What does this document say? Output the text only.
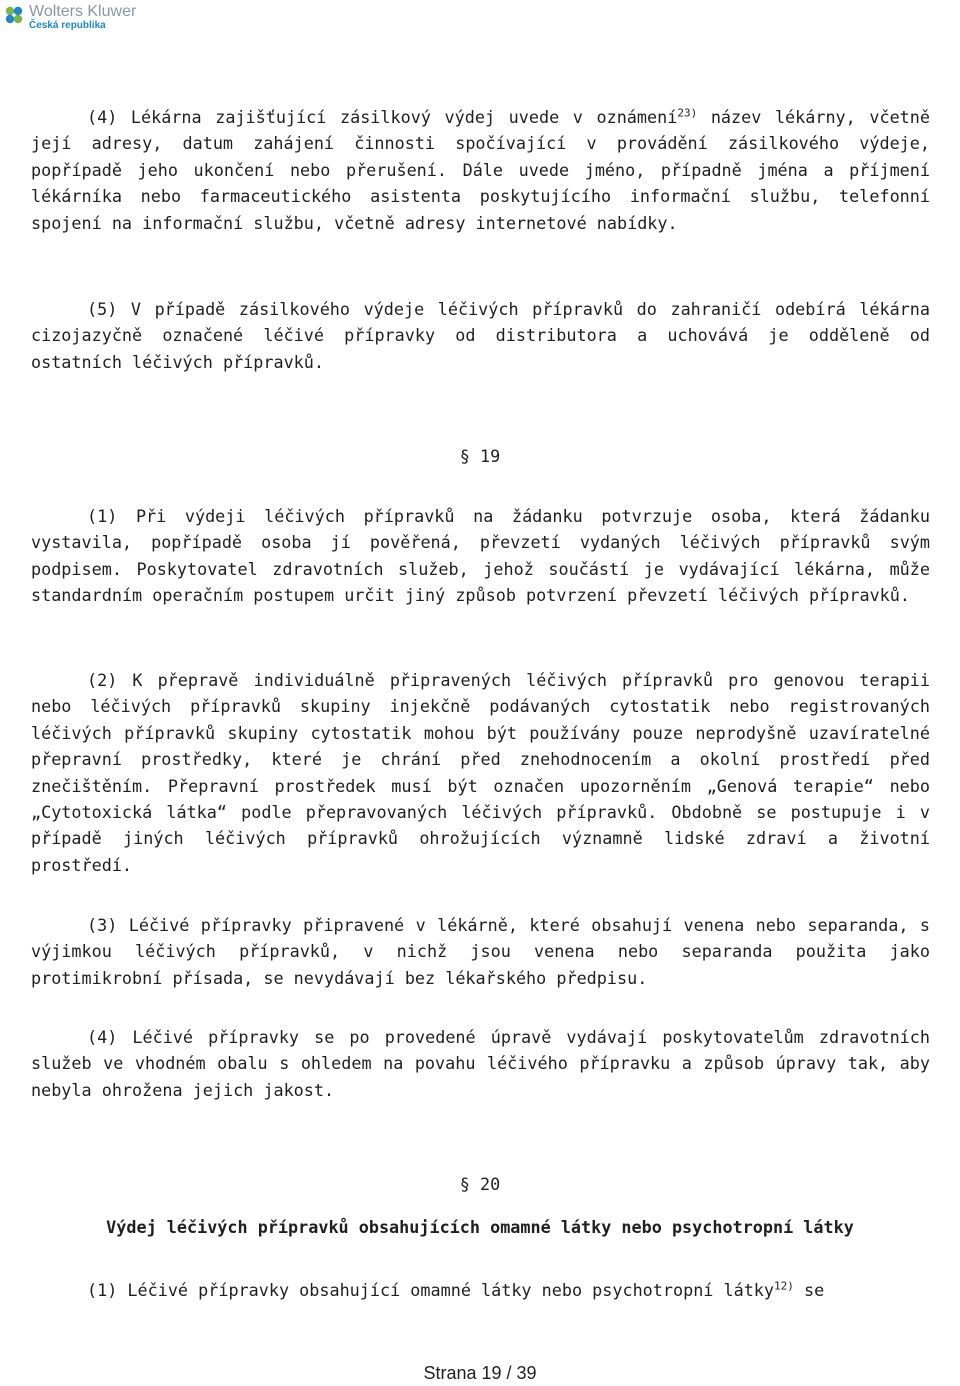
Wolters Kluwer
Česká republika

(4) Lékárna zajišťující zásilkový výdej uvede v oznámení$^{23)}$ název lékárny, včetně její adresy, datum zahájení činnosti spočívající v provádění zásilkového výdeje, popřípadě jeho ukončení nebo přerušení. Dále uvede jméno, případně jména a příjmení lékárníka nebo farmaceutického asistenta poskytujícího informační službu, telefonní spojení na informační službu, včetně adresy internetové nabídky.

(5) V případě zásilkového výdeje léčivých přípravků do zahraničí odebírá lékárna cizojazyčně označené léčivé přípravky od distributora a uchovává je odděleně od ostatních léčivých přípravků.

§ 19

(1) Při výdeji léčivých přípravků na žádanku potvrzuje osoba, která žádanku vystavila, popřípadě osoba jí pověřená, převzetí vydaných léčivých přípravků svým podpisem. Poskytovatel zdravotních služeb, jehož součástí je vydávající lékárna, může standardním operačním postupem určit jiný způsob potvrzení převzetí léčivých přípravků.

(2) K přepravě individuálně připravených léčivých přípravků pro genovou terapii nebo léčivých přípravků skupiny injekčně podávaných cytostatik nebo registrovaných léčivých přípravků skupiny cytostatik mohou být používány pouze neprodyšně uzavíratelné přepravní prostředky, které je chrání před znehodnocením a okolní prostředí před znečištěním. Přepravní prostředek musí být označen upozorněním „Genová terapie“ nebo „Cytotoxická látka“ podle přepravovaných léčivých přípravků. Obdobně se postupuje i v případě jiných léčivých přípravků ohrožujících významně lidské zdraví a životní prostředí.

(3) Léčivé přípravky připravené v lékárně, které obsahují venena nebo separanda, s výjimkou léčivých přípravků, v nichž jsou venena nebo separanda použita jako protimikrobní přísada, se nevydávají bez lékařského předpisu.

(4) Léčivé přípravky se po provedené úpravě vydávají poskytovatelům zdravotních služeb ve vhodném obalu s ohledem na povahu léčivého přípravku a způsob úpravy tak, aby nebyla ohrožena jejich jakost.

§ 20

Výdej léčivých přípravků obsahujících omamné látky nebo psychotropní látky

(1) Léčivé přípravky obsahující omamné látky nebo psychotropní látky$^{12)}$ se

Strana 19 / 39
